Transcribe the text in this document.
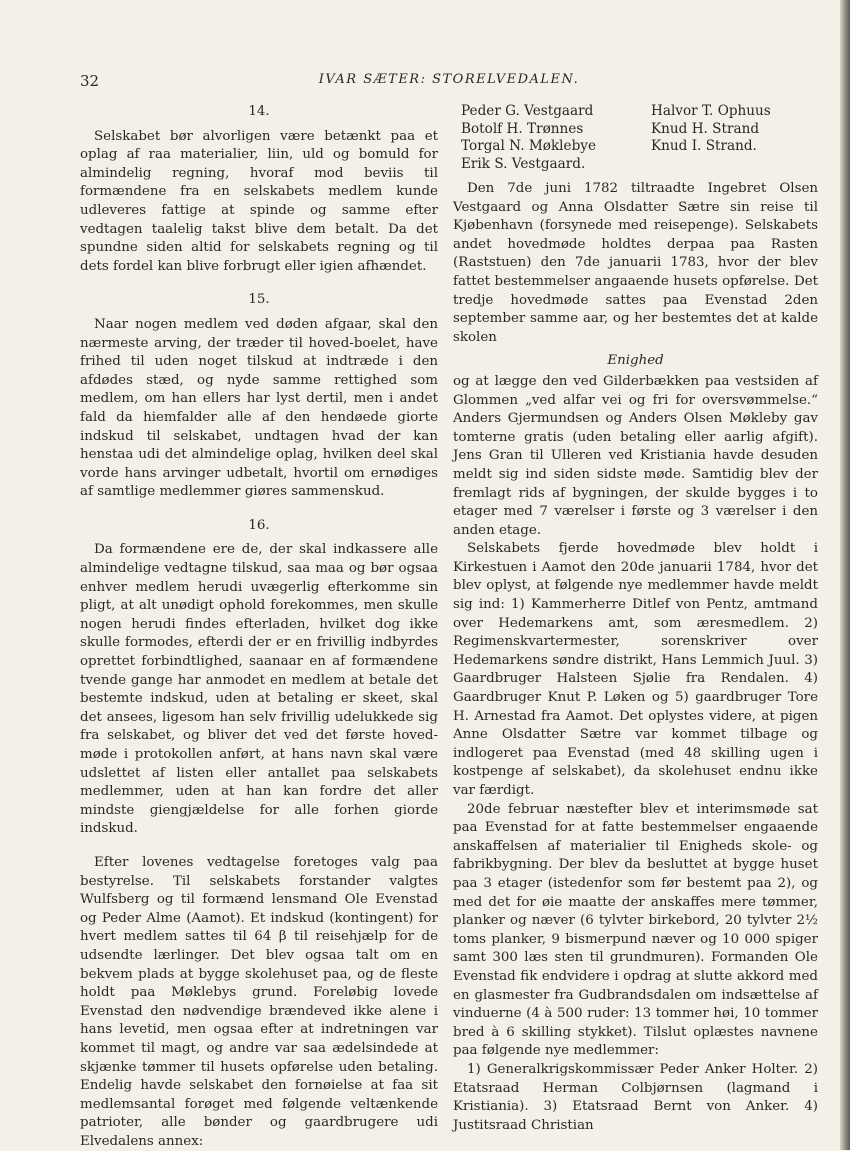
32	IVAR SÆTER: STORELVEDALEN.
14.

Selskabet bør alvorligen være betænkt paa et oplag af raa materialier, liin, uld og bomuld for almindelig regning, hvoraf mod beviis til formændene fra en selskabets medlem kunde udleveres fattige at spinde og samme efter vedtagen taalelig takst blive dem betalt. Da det spundne siden altid for selskabets regning og til dets fordel kan blive forbrugt eller igien afhændet.

15.

Naar nogen medlem ved døden afgaar, skal den nærmeste arving, der træder til hoved-boelet, have frihed til uden noget tilskud at indtræde i den afdødes stæd, og nyde samme rettighed som medlem, om han ellers har lyst dertil, men i andet fald da hiemfalder alle af den hendøede giorte indskud til selskabet, undtagen hvad der kan henstaa udi det almindelige oplag, hvilken deel skal vorde hans arvinger udbetalt, hvortil om ernødiges af samtlige medlemmer giøres sammenskud.

16.

Da formændene ere de, der skal indkassere alle almindelige vedtagne tilskud, saa maa og bør ogsaa enhver medlem herudi uvægerlig efterkomme sin pligt, at alt unødigt ophold forekommes, men skulle nogen herudi findes efterladen, hvilket dog ikke skulle formodes, efterdi der er en frivillig indbyrdes oprettet forbindtlighed, saanaar en af formændene tvende gange har anmodet en medlem at betale det bestemte indskud, uden at betaling er skeet, skal det ansees, ligesom han selv frivillig udelukkede sig fra selskabet, og bliver det ved det første hoved-møde i protokollen anført, at hans navn skal være udslettet af listen eller antallet paa selskabets medlemmer, uden at han kan fordre det aller mindste giengjældelse for alle forhen giorde indskud.

Efter lovenes vedtagelse foretoges valg paa bestyrelse. Til selskabets forstander valgtes Wulfsberg og til formænd lensmand Ole Evenstad og Peder Alme (Aamot). Et indskud (kontingent) for hvert medlem sattes til 64 β til reisehjælp for de udsendte lærlinger. Det blev ogsaa talt om en bekvem plads at bygge skolehuset paa, og de fleste holdt paa Møklebys grund. Foreløbig lovede Evenstad den nødvendige brændeved ikke alene i hans levetid, men ogsaa efter at indretningen var kommet til magt, og andre var saa ædelsindede at skjænke tømmer til husets opførelse uden betaling. Endelig havde selskabet den fornøielse at faa sit medlemsantal forøget med følgende veltænkende patrioter, alle bønder og gaardbrugere udi Elvedalens annex:

Peder G. Vestgaard	Halvor T. Ophuus
Botolf H. Trønnes	Knud H. Strand
Torgal N. Møklebye	Knud I. Strand.
Erik S. Vestgaard.

Den 7de juni 1782 tiltraadte Ingebret Olsen Vestgaard og Anna Olsdatter Sætre sin reise til Kjøbenhavn (forsynede med reisepenge). Selskabets andet hovedmøde holdtes derpaa paa Rasten (Raststuen) den 7de januarii 1783, hvor der blev fattet bestemmelser angaaende husets opførelse. Det tredje hovedmøde sattes paa Evenstad 2den september samme aar, og her bestemtes det at kalde skolen

Enighed

og at lægge den ved Gilderbækken paa vestsiden af Glommen „ved alfar vei og fri for oversvømmelse.“ Anders Gjermundsen og Anders Olsen Møkleby gav tomterne gratis (uden betaling eller aarlig afgift). Jens Gran til Ulleren ved Kristiania havde desuden meldt sig ind siden sidste møde. Samtidig blev der fremlagt rids af bygningen, der skulde bygges i to etager med 7 værelser i første og 3 værelser i den anden etage.

Selskabets fjerde hovedmøde blev holdt i Kirkestuen i Aamot den 20de januarii 1784, hvor det blev oplyst, at følgende nye medlemmer havde meldt sig ind: 1) Kammerherre Ditlef von Pentz, amtmand over Hedemarkens amt, som æresmedlem. 2) Regimenskvartermester, sorenskriver over Hedemarkens søndre distrikt, Hans Lemmich Juul. 3) Gaardbruger Halsteen Sjølie fra Rendalen. 4) Gaardbruger Knut P. Løken og 5) gaardbruger Tore H. Arnestad fra Aamot. Det oplystes videre, at pigen Anne Olsdatter Sætre var kommet tilbage og indlogeret paa Evenstad (med 48 skilling ugen i kostpenge af selskabet), da skolehuset endnu ikke var færdigt.

20de februar næstefter blev et interimsmøde sat paa Evenstad for at fatte bestemmelser engaaende anskaffelsen af materialier til Enigheds skole- og fabrikbygning. Der blev da besluttet at bygge huset paa 3 etager (istedenfor som før bestemt paa 2), og med det for øie maatte der anskaffes mere tømmer, planker og næver (6 tylvter birkebord, 20 tylvter 2½ toms planker, 9 bismerpund næver og 10 000 spiger samt 300 læs sten til grundmuren). Formanden Ole Evenstad fik endvidere i opdrag at slutte akkord med en glasmester fra Gudbrandsdalen om indsættelse af vinduerne (4 à 500 ruder: 13 tommer høi, 10 tommer bred à 6 skilling stykket). Tilslut oplæstes navnene paa følgende nye medlemmer:

1) Generalkrigskommissær Peder Anker Holter. 2) Etatsraad Herman Colbjørnsen (lagmand i Kristiania). 3) Etatsraad Bernt von Anker. 4) Justitsraad Christian
